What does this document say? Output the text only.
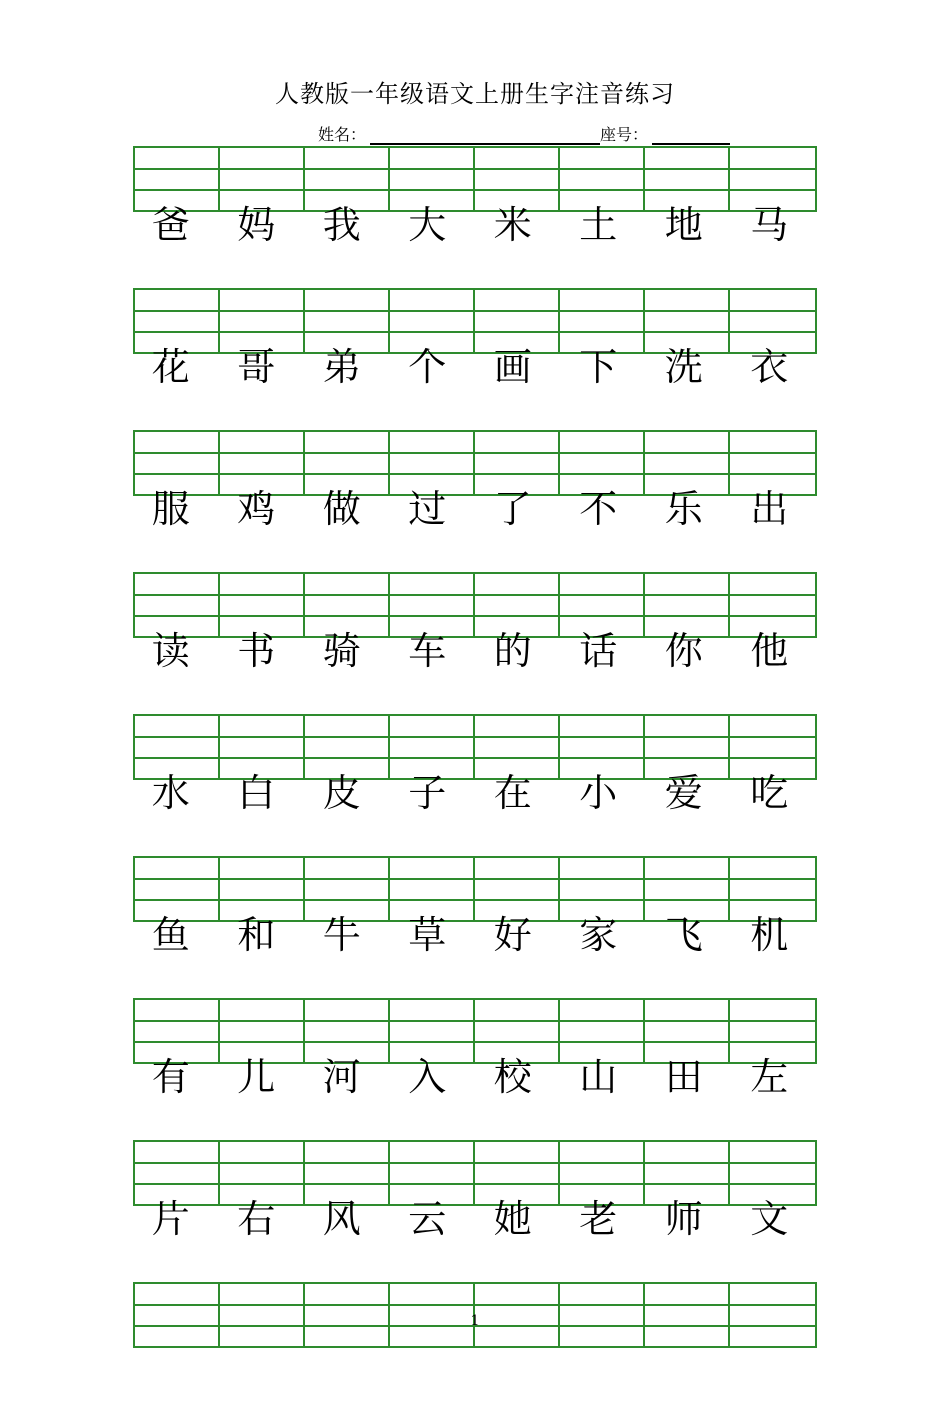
人教版一年级语文上册生字注音练习
姓名：	座号：
爸	妈	我	大	米	土	地	马
花	哥	弟	个	画	下	洗	衣
服	鸡	做	过	了	不	乐	出
读	书	骑	车	的	话	你	他
水	白	皮	子	在	小	爱	吃
鱼	和	牛	草	好	家	飞	机
有	儿	河	入	校	山	田	左
片	右	风	云	她	老	师	文
1
